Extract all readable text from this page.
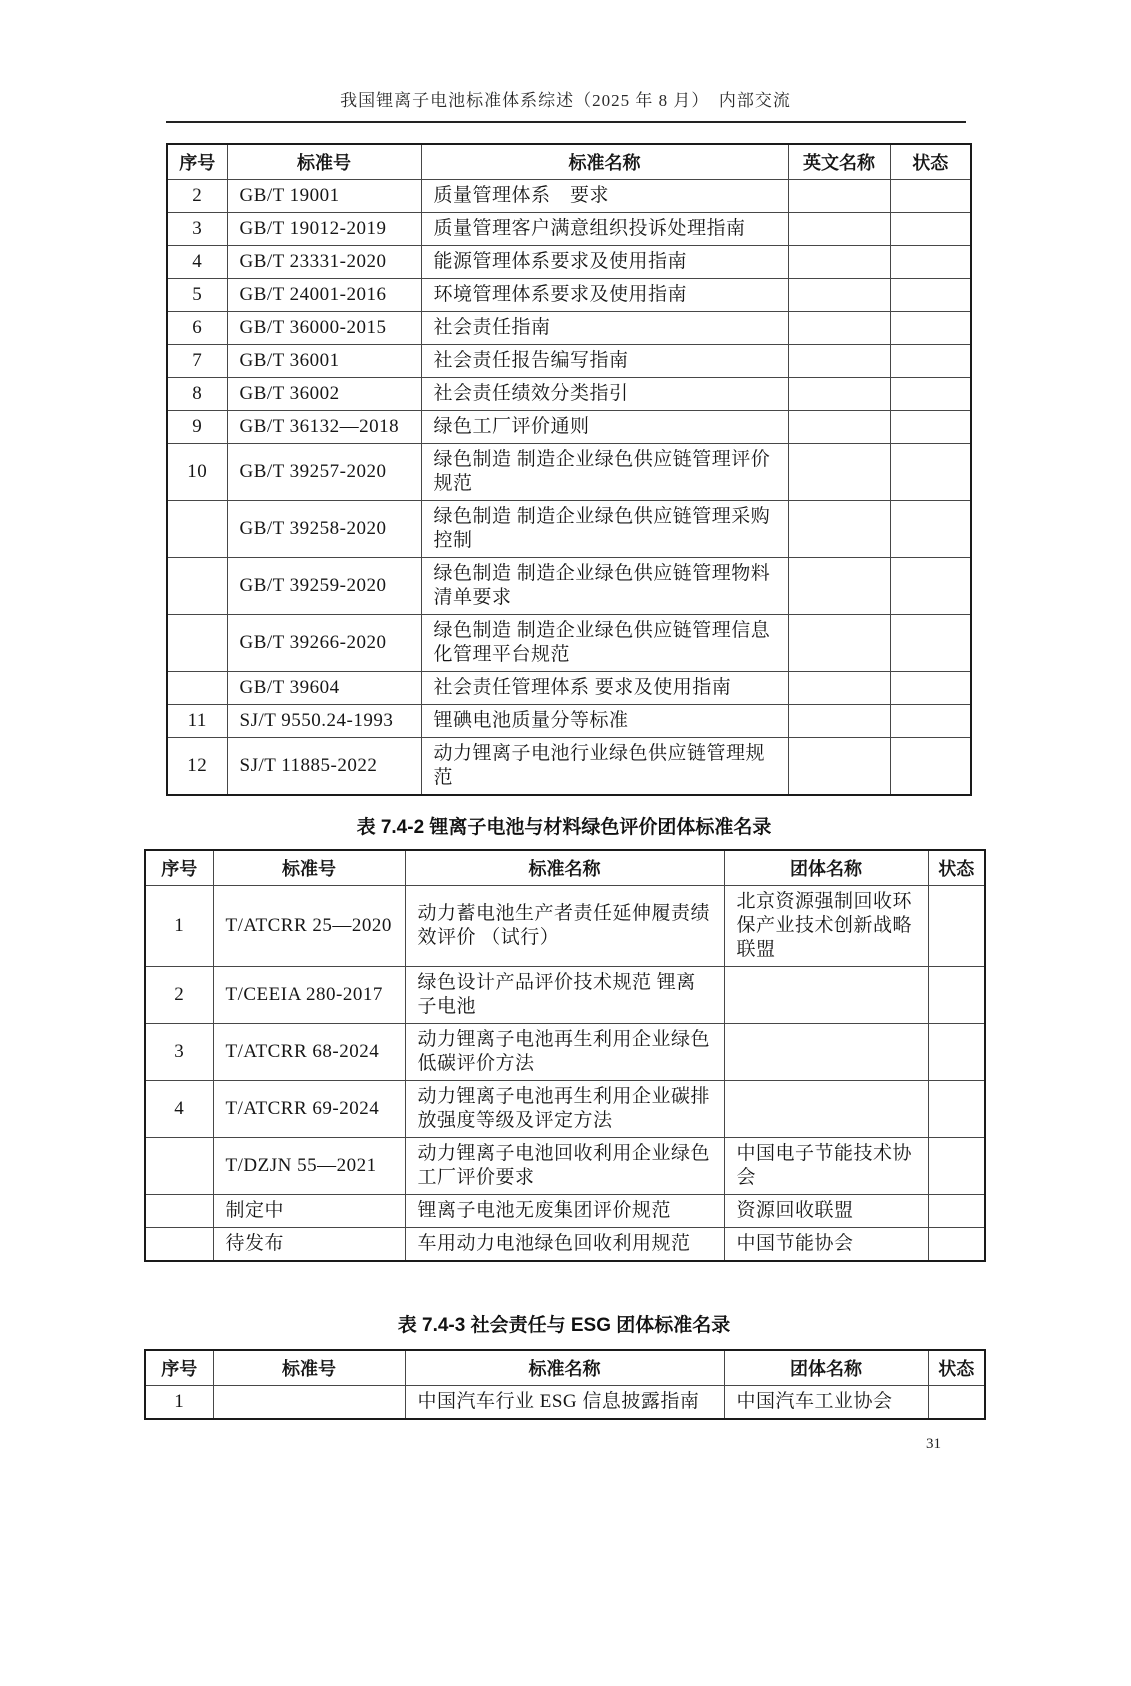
我国锂离子电池标准体系综述（2025 年 8 月）　内部交流
序号	标准号	标准名称	英文名称	状态
2	GB/T 19001	质量管理体系　要求		
3	GB/T 19012-2019	质量管理客户满意组织投诉处理指南		
4	GB/T 23331-2020	能源管理体系要求及使用指南		
5	GB/T 24001-2016	环境管理体系要求及使用指南		
6	GB/T 36000-2015	社会责任指南		
7	GB/T 36001	社会责任报告编写指南		
8	GB/T 36002	社会责任绩效分类指引		
9	GB/T 36132—2018	绿色工厂评价通则		
10	GB/T 39257-2020	绿色制造 制造企业绿色供应链管理评价规范		
	GB/T 39258-2020	绿色制造 制造企业绿色供应链管理采购控制		
	GB/T 39259-2020	绿色制造 制造企业绿色供应链管理物料清单要求		
	GB/T 39266-2020	绿色制造 制造企业绿色供应链管理信息化管理平台规范		
	GB/T 39604	社会责任管理体系 要求及使用指南		
11	SJ/T 9550.24-1993	锂碘电池质量分等标准		
12	SJ/T 11885-2022	动力锂离子电池行业绿色供应链管理规范		
表 7.4-2 锂离子电池与材料绿色评价团体标准名录
序号	标准号	标准名称	团体名称	状态
1	T/ATCRR 25—2020	动力蓄电池生产者责任延伸履责绩效评价 （试行）	北京资源强制回收环保产业技术创新战略联盟	
2	T/CEEIA 280-2017	绿色设计产品评价技术规范 锂离子电池		
3	T/ATCRR 68-2024	动力锂离子电池再生利用企业绿色低碳评价方法		
4	T/ATCRR 69-2024	动力锂离子电池再生利用企业碳排放强度等级及评定方法		
	T/DZJN 55—2021	动力锂离子电池回收利用企业绿色工厂评价要求	中国电子节能技术协会	
	制定中	锂离子电池无废集团评价规范	资源回收联盟	
	待发布	车用动力电池绿色回收利用规范	中国节能协会	
表 7.4-3 社会责任与 ESG 团体标准名录
序号	标准号	标准名称	团体名称	状态
1		中国汽车行业 ESG 信息披露指南	中国汽车工业协会	
31
